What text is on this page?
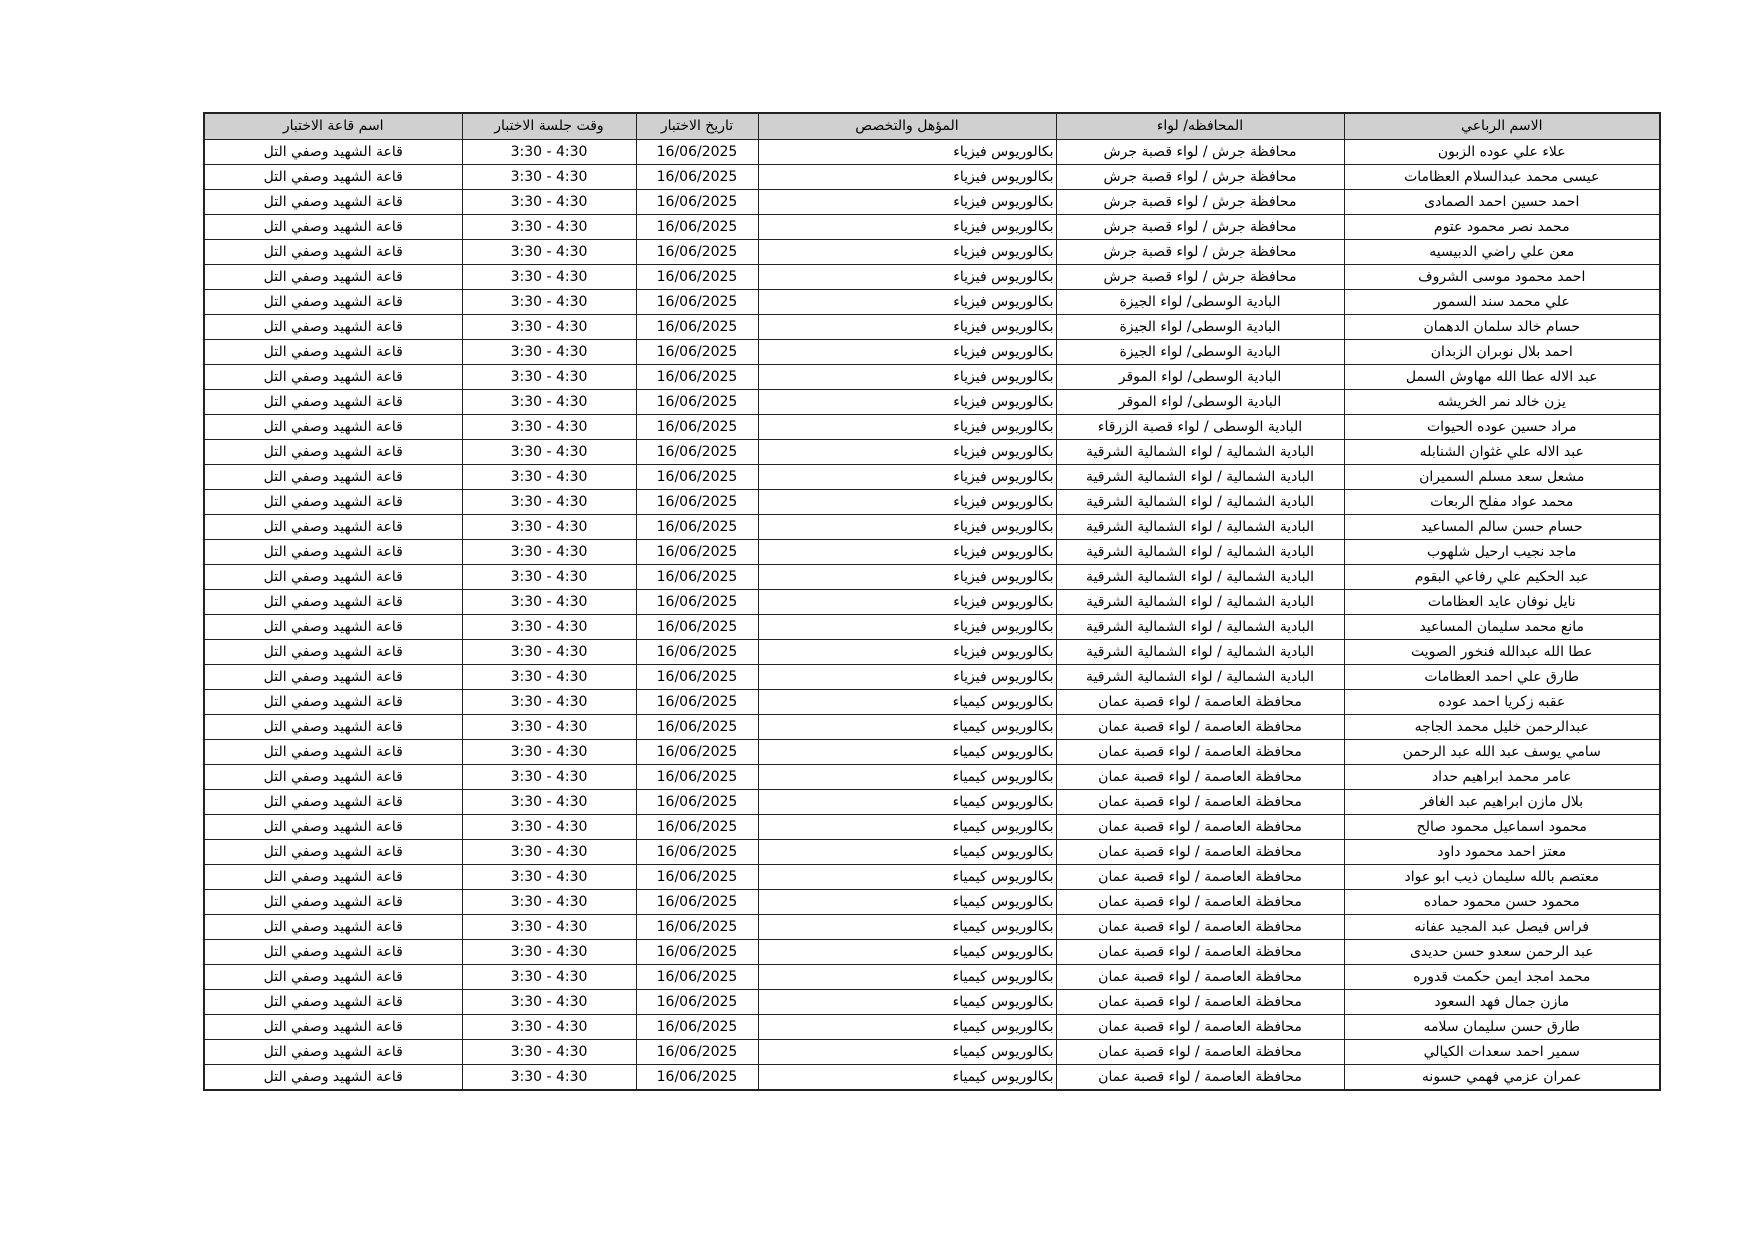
الاسم الرباعي	المحافظه/ لواء	المؤهل والتخصص	تاريخ الاختبار	وقت جلسة الاختبار	اسم قاعة الاختبار
علاء علي عوده الزبون	محافظة جرش / لواء قصبة جرش	بكالوريوس فيزياء	16/06/2025	3:30 - 4:30	قاعة الشهيد وصفي التل
عيسى محمد عبدالسلام العظامات	محافظة جرش / لواء قصبة جرش	بكالوريوس فيزياء	16/06/2025	3:30 - 4:30	قاعة الشهيد وصفي التل
احمد حسين احمد الصمادى	محافظة جرش / لواء قصبة جرش	بكالوريوس فيزياء	16/06/2025	3:30 - 4:30	قاعة الشهيد وصفي التل
محمد نصر محمود عتوم	محافظة جرش / لواء قصبة جرش	بكالوريوس فيزياء	16/06/2025	3:30 - 4:30	قاعة الشهيد وصفي التل
معن علي راضي الدبيسيه	محافظة جرش / لواء قصبة جرش	بكالوريوس فيزياء	16/06/2025	3:30 - 4:30	قاعة الشهيد وصفي التل
احمد محمود موسى الشروف	محافظة جرش / لواء قصبة جرش	بكالوريوس فيزياء	16/06/2025	3:30 - 4:30	قاعة الشهيد وصفي التل
علي محمد سند السمور	البادية الوسطى/ لواء الجيزة	بكالوريوس فيزياء	16/06/2025	3:30 - 4:30	قاعة الشهيد وصفي التل
حسام خالد سلمان الدهمان	البادية الوسطى/ لواء الجيزة	بكالوريوس فيزياء	16/06/2025	3:30 - 4:30	قاعة الشهيد وصفي التل
احمد بلال نوبران الزبدان	البادية الوسطى/ لواء الجيزة	بكالوريوس فيزياء	16/06/2025	3:30 - 4:30	قاعة الشهيد وصفي التل
عبد الاله عطا الله مهاوش السمل	البادية الوسطى/ لواء الموقر	بكالوريوس فيزياء	16/06/2025	3:30 - 4:30	قاعة الشهيد وصفي التل
يزن خالد نمر الخريشه	البادية الوسطى/ لواء الموقر	بكالوريوس فيزياء	16/06/2025	3:30 - 4:30	قاعة الشهيد وصفي التل
مراد حسين عوده الحيوات	البادية الوسطى / لواء قصبة الزرقاء	بكالوريوس فيزياء	16/06/2025	3:30 - 4:30	قاعة الشهيد وصفي التل
عبد الاله علي غثوان الشنابله	البادية الشمالية / لواء الشمالية الشرقية	بكالوريوس فيزياء	16/06/2025	3:30 - 4:30	قاعة الشهيد وصفي التل
مشعل سعد مسلم السميران	البادية الشمالية / لواء الشمالية الشرقية	بكالوريوس فيزياء	16/06/2025	3:30 - 4:30	قاعة الشهيد وصفي التل
محمد عواد مفلح الربعات	البادية الشمالية / لواء الشمالية الشرقية	بكالوريوس فيزياء	16/06/2025	3:30 - 4:30	قاعة الشهيد وصفي التل
حسام حسن سالم المساعيد	البادية الشمالية / لواء الشمالية الشرقية	بكالوريوس فيزياء	16/06/2025	3:30 - 4:30	قاعة الشهيد وصفي التل
ماجد نجيب ارحيل شلهوب	البادية الشمالية / لواء الشمالية الشرقية	بكالوريوس فيزياء	16/06/2025	3:30 - 4:30	قاعة الشهيد وصفي التل
عبد الحكيم علي رفاعي البقوم	البادية الشمالية / لواء الشمالية الشرقية	بكالوريوس فيزياء	16/06/2025	3:30 - 4:30	قاعة الشهيد وصفي التل
نايل نوفان عايد العظامات	البادية الشمالية / لواء الشمالية الشرقية	بكالوريوس فيزياء	16/06/2025	3:30 - 4:30	قاعة الشهيد وصفي التل
مانع محمد سليمان المساعيد	البادية الشمالية / لواء الشمالية الشرقية	بكالوريوس فيزياء	16/06/2025	3:30 - 4:30	قاعة الشهيد وصفي التل
عطا الله عبدالله فنخور الصويت	البادية الشمالية / لواء الشمالية الشرقية	بكالوريوس فيزياء	16/06/2025	3:30 - 4:30	قاعة الشهيد وصفي التل
طارق علي احمد العظامات	البادية الشمالية / لواء الشمالية الشرقية	بكالوريوس فيزياء	16/06/2025	3:30 - 4:30	قاعة الشهيد وصفي التل
عقبه زكريا احمد عوده	محافظة العاصمة / لواء قصبة عمان	بكالوريوس كيمياء	16/06/2025	3:30 - 4:30	قاعة الشهيد وصفي التل
عبدالرحمن خليل محمد الجاجه	محافظة العاصمة / لواء قصبة عمان	بكالوريوس كيمياء	16/06/2025	3:30 - 4:30	قاعة الشهيد وصفي التل
سامي يوسف عبد الله عبد الرحمن	محافظة العاصمة / لواء قصبة عمان	بكالوريوس كيمياء	16/06/2025	3:30 - 4:30	قاعة الشهيد وصفي التل
عامر محمد ابراهيم حداد	محافظة العاصمة / لواء قصبة عمان	بكالوريوس كيمياء	16/06/2025	3:30 - 4:30	قاعة الشهيد وصفي التل
بلال مازن ابراهيم عبد الغافر	محافظة العاصمة / لواء قصبة عمان	بكالوريوس كيمياء	16/06/2025	3:30 - 4:30	قاعة الشهيد وصفي التل
محمود اسماعيل محمود صالح	محافظة العاصمة / لواء قصبة عمان	بكالوريوس كيمياء	16/06/2025	3:30 - 4:30	قاعة الشهيد وصفي التل
معتز احمد محمود داود	محافظة العاصمة / لواء قصبة عمان	بكالوريوس كيمياء	16/06/2025	3:30 - 4:30	قاعة الشهيد وصفي التل
معتصم بالله سليمان ذيب ابو عواد	محافظة العاصمة / لواء قصبة عمان	بكالوريوس كيمياء	16/06/2025	3:30 - 4:30	قاعة الشهيد وصفي التل
محمود حسن محمود حماده	محافظة العاصمة / لواء قصبة عمان	بكالوريوس كيمياء	16/06/2025	3:30 - 4:30	قاعة الشهيد وصفي التل
فراس فيصل عبد المجيد عفانه	محافظة العاصمة / لواء قصبة عمان	بكالوريوس كيمياء	16/06/2025	3:30 - 4:30	قاعة الشهيد وصفي التل
عبد الرحمن سعدو حسن حديدى	محافظة العاصمة / لواء قصبة عمان	بكالوريوس كيمياء	16/06/2025	3:30 - 4:30	قاعة الشهيد وصفي التل
محمد امجد ايمن حكمت قدوره	محافظة العاصمة / لواء قصبة عمان	بكالوريوس كيمياء	16/06/2025	3:30 - 4:30	قاعة الشهيد وصفي التل
مازن جمال فهد السعود	محافظة العاصمة / لواء قصبة عمان	بكالوريوس كيمياء	16/06/2025	3:30 - 4:30	قاعة الشهيد وصفي التل
طارق حسن سليمان سلامه	محافظة العاصمة / لواء قصبة عمان	بكالوريوس كيمياء	16/06/2025	3:30 - 4:30	قاعة الشهيد وصفي التل
سمير احمد سعدات الكيالي	محافظة العاصمة / لواء قصبة عمان	بكالوريوس كيمياء	16/06/2025	3:30 - 4:30	قاعة الشهيد وصفي التل
عمران عزمي فهمي حسونه	محافظة العاصمة / لواء قصبة عمان	بكالوريوس كيمياء	16/06/2025	3:30 - 4:30	قاعة الشهيد وصفي التل
